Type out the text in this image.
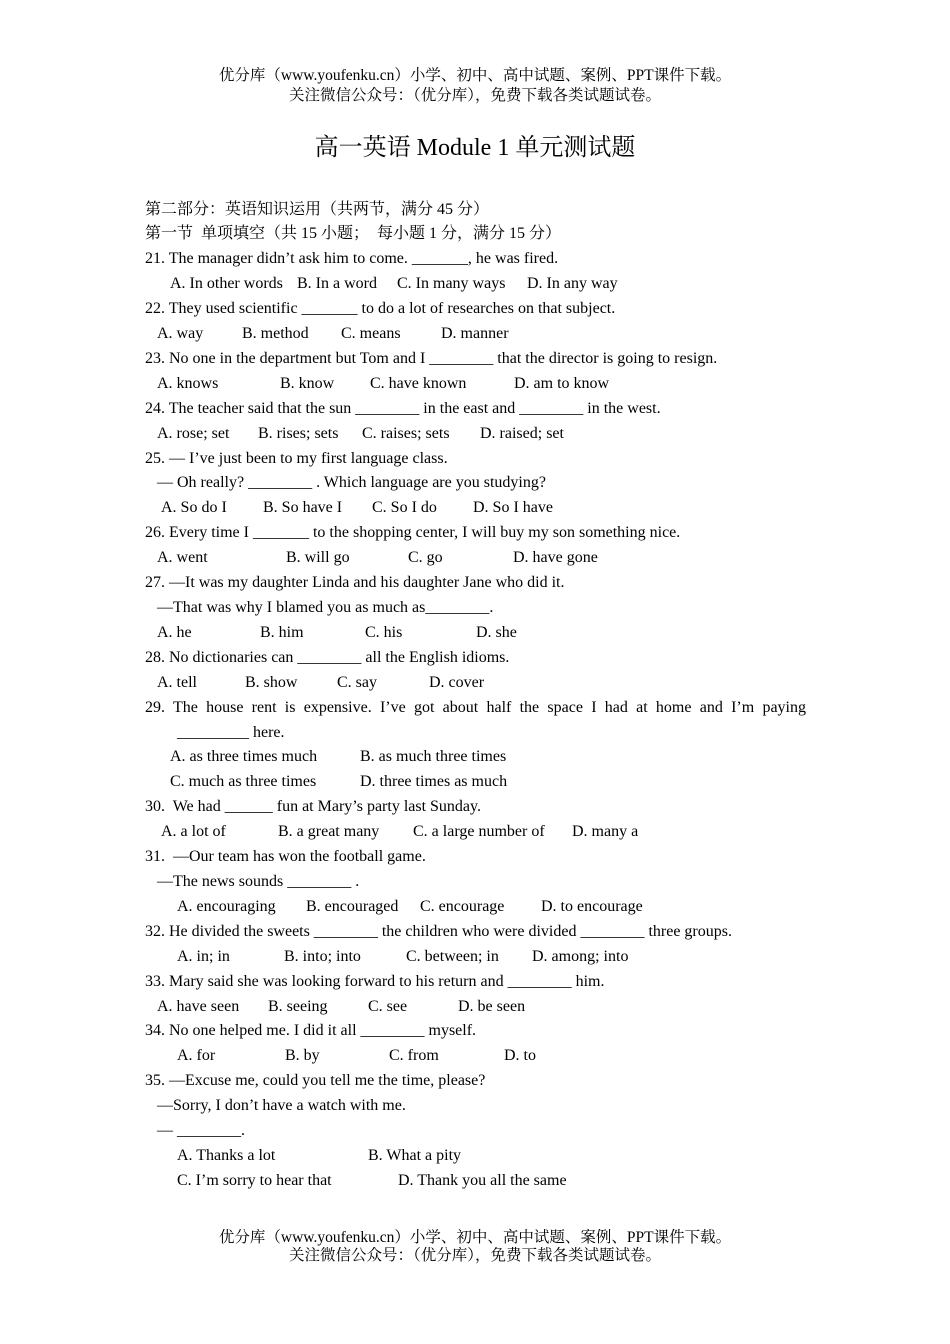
优分库（www.youfenku.cn）小学、初中、高中试题、案例、PPT课件下载。
关注微信公众号：（优分库），免费下载各类试题试卷。
高一英语 Module 1 单元测试题
第二部分：英语知识运用（共两节，满分 45 分）
第一节  单项填空（共 15 小题；  每小题 1 分，满分 15 分）
21. The manager didn’t ask him to come. _______, he was fired.

A. In other words

B. In a word

C. In many ways

D. In any way

22. They used scientific _______ to do a lot of researches on that subject.

A. way

B. method

C. means

	D. manner

23. No one in the department but Tom and I ________ that the director is going to resign.

A. knows

	B. know

C. have known

	D. am to know

24. The teacher said that the sun ________ in the east and ________ in the west.

A. rose; set

B. rises; sets

C. raises; sets

D. raised; set

25. — I’ve just been to my first language class.
— Oh really? ________ . Which language are you studying?

A. So do I

B. So have I

C. So I do

D. So I have

26. Every time I _______ to the shopping center, I will buy my son something nice.

A. went

	B. will go

	C. go

	D. have gone

27. —It was my daughter Linda and his daughter Jane who did it.
—That was why I blamed you as much as________.

A. he

	B. him

	C. his

	D. she

28. No dictionaries can ________ all the English idioms.

A. tell

	B. show

C. say

	D. cover

29. The house rent is expensive. I’ve got about half the space I had at home and I’m paying
_________ here.

A. as three times much

	B. as much three times

C. much as three times

	D. three times as much

30.  We had ______ fun at Mary’s party last Sunday.

A. a lot of

	B. a great many

C. a large number of

D. many a

31.  —Our team has won the football game.
—The news sounds ________ .

A. encouraging

B. encouraged

C. encourage

D. to encourage

32. He divided the sweets ________ the children who were divided ________ three groups.

A. in; in

	B. into; into

	C. between; in

D. among; into

33. Mary said she was looking forward to his return and ________ him.

A. have seen

B. seeing

	C. see

	D. be seen

34. No one helped me. I did it all ________ myself.

A. for

	B. by

	C. from

	D. to

35. —Excuse me, could you tell me the time, please?
—Sorry, I don’t have a watch with me.
— ________.

A. Thanks a lot

	B. What a pity

C. I’m sorry to hear that

	D. Thank you all the same

优分库（www.youfenku.cn）小学、初中、高中试题、案例、PPT课件下载。
关注微信公众号：（优分库），免费下载各类试题试卷。
